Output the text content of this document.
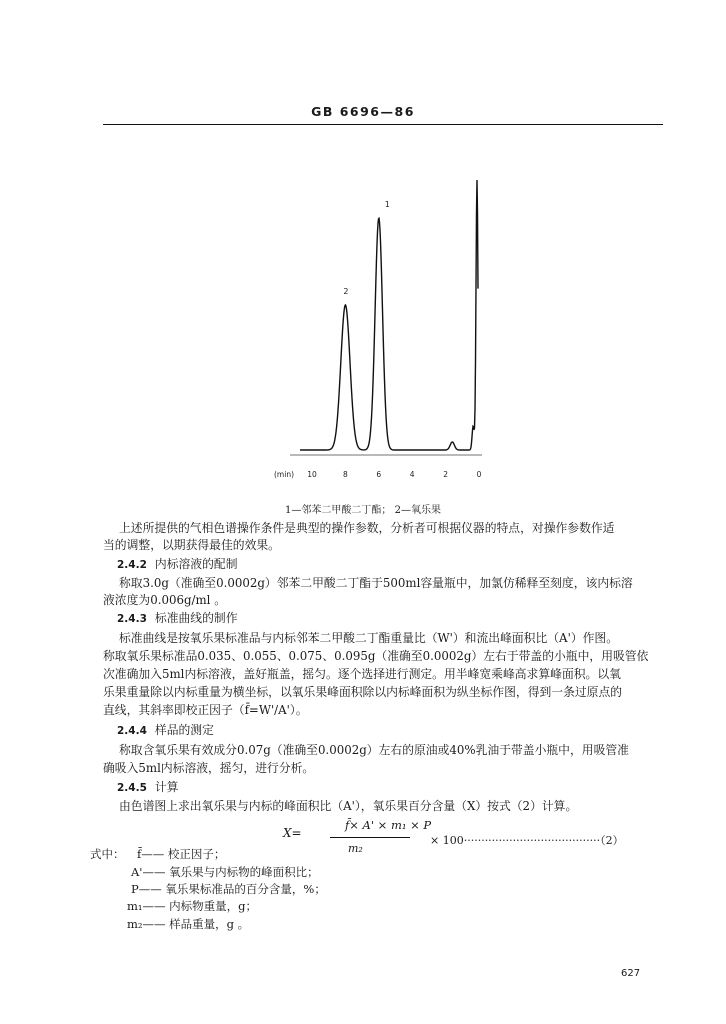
GB 6696—86
1
2
(min) 10	8	6	4	2	0
1—邻苯二甲酸二丁酯； 2—氧乐果
上述所提供的气相色谱操作条件是典型的操作参数，分析者可根据仪器的特点，对操作参数作适
当的调整，以期获得最佳的效果。
2.4.2 内标溶液的配制
称取3.0g（准确至0.0002g）邻苯二甲酸二丁酯于500ml容量瓶中，加氯仿稀释至刻度，该内标溶
液浓度为0.006g/ml 。
2.4.3 标准曲线的制作
标准曲线是按氧乐果标准品与内标邻苯二甲酸二丁酯重量比（W'）和流出峰面积比（A'）作图。
称取氧乐果标准品0.035、0.055、0.075、0.095g（准确至0.0002g）左右于带盖的小瓶中，用吸管依
次准确加入5ml内标溶液，盖好瓶盖，摇匀。逐个选择进行测定。用半峰宽乘峰高求算峰面积。以氧
乐果重量除以内标重量为横坐标，以氧乐果峰面积除以内标峰面积为纵坐标作图，得到一条过原点的
直线，其斜率即校正因子（f̄=W'/A'）。
2.4.4 样品的测定
称取含氧乐果有效成分0.07g（准确至0.0002g）左右的原油或40%乳油于带盖小瓶中，用吸管准
确吸入5ml内标溶液，摇匀，进行分析。
2.4.5 计算
由色谱图上求出氧乐果与内标的峰面积比（A'），氧乐果百分含量（X）按式（2）计算。
X=
f̄× A' × m₁ × P
m₂
× 100·······································（2）
式中： f̄—— 校正因子；
A'—— 氧乐果与内标物的峰面积比；
P—— 氧乐果标准品的百分含量，%；
m₁—— 内标物重量，g；
m₂—— 样品重量，g 。
627
